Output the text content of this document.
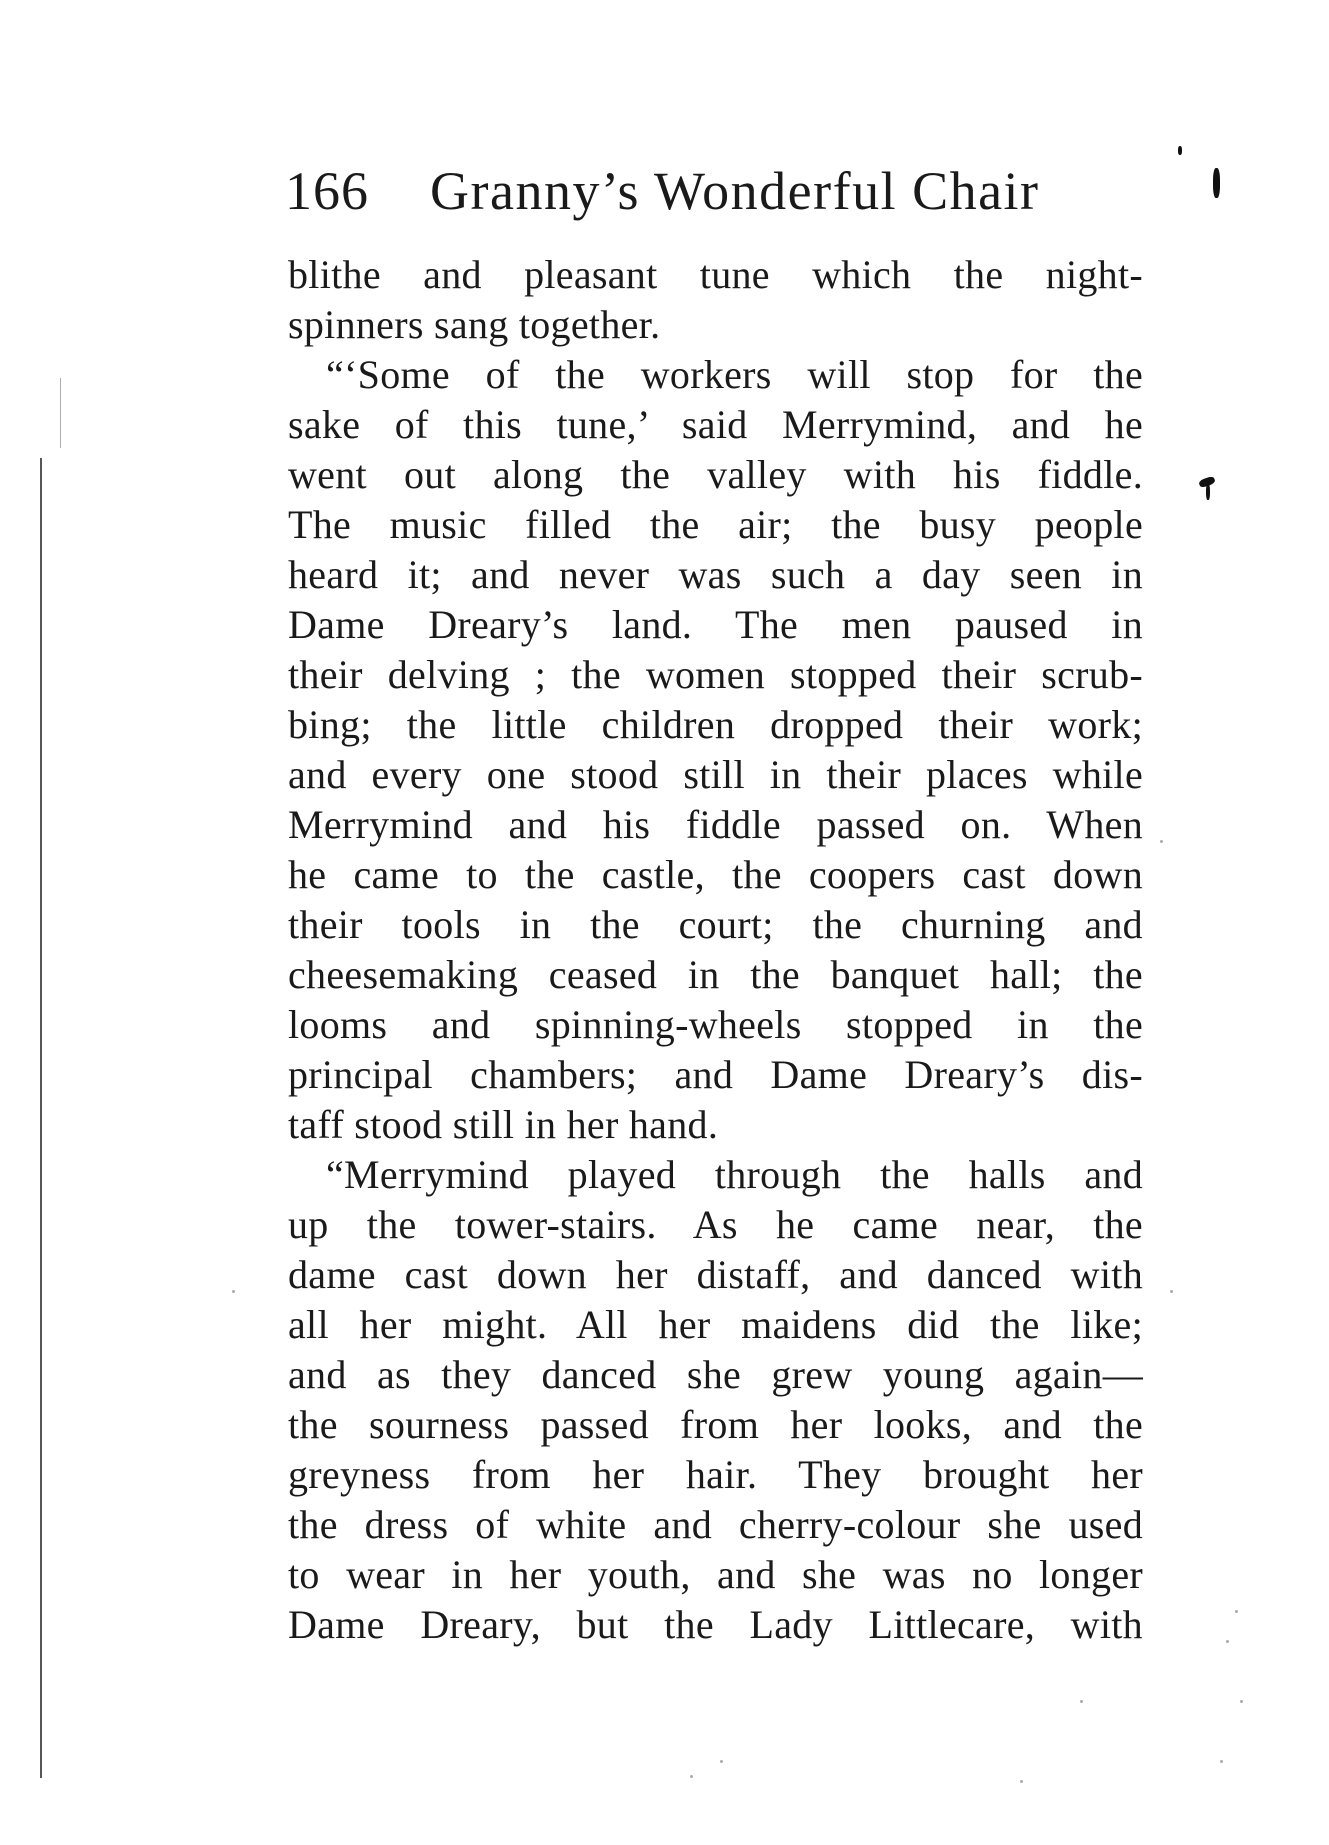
166 Granny’s Wonderful Chair
blithe and pleasant tune which the night-
spinners sang together.
“‘Some of the workers will stop for the
sake of this tune,’ said Merrymind, and he
went out along the valley with his fiddle.
The music filled the air; the busy people
heard it; and never was such a day seen in
Dame Dreary’s land. The men paused in
their delving ; the women stopped their scrub-
bing; the little children dropped their work;
and every one stood still in their places while
Merrymind and his fiddle passed on. When
he came to the castle, the coopers cast down
their tools in the court; the churning and
cheesemaking ceased in the banquet hall; the
looms and spinning-wheels stopped in the
principal chambers; and Dame Dreary’s dis-
taff stood still in her hand.
“Merrymind played through the halls and
up the tower-stairs. As he came near, the
dame cast down her distaff, and danced with
all her might. All her maidens did the like;
and as they danced she grew young again—
the sourness passed from her looks, and the
greyness from her hair. They brought her
the dress of white and cherry-colour she used
to wear in her youth, and she was no longer
Dame Dreary, but the Lady Littlecare, with
